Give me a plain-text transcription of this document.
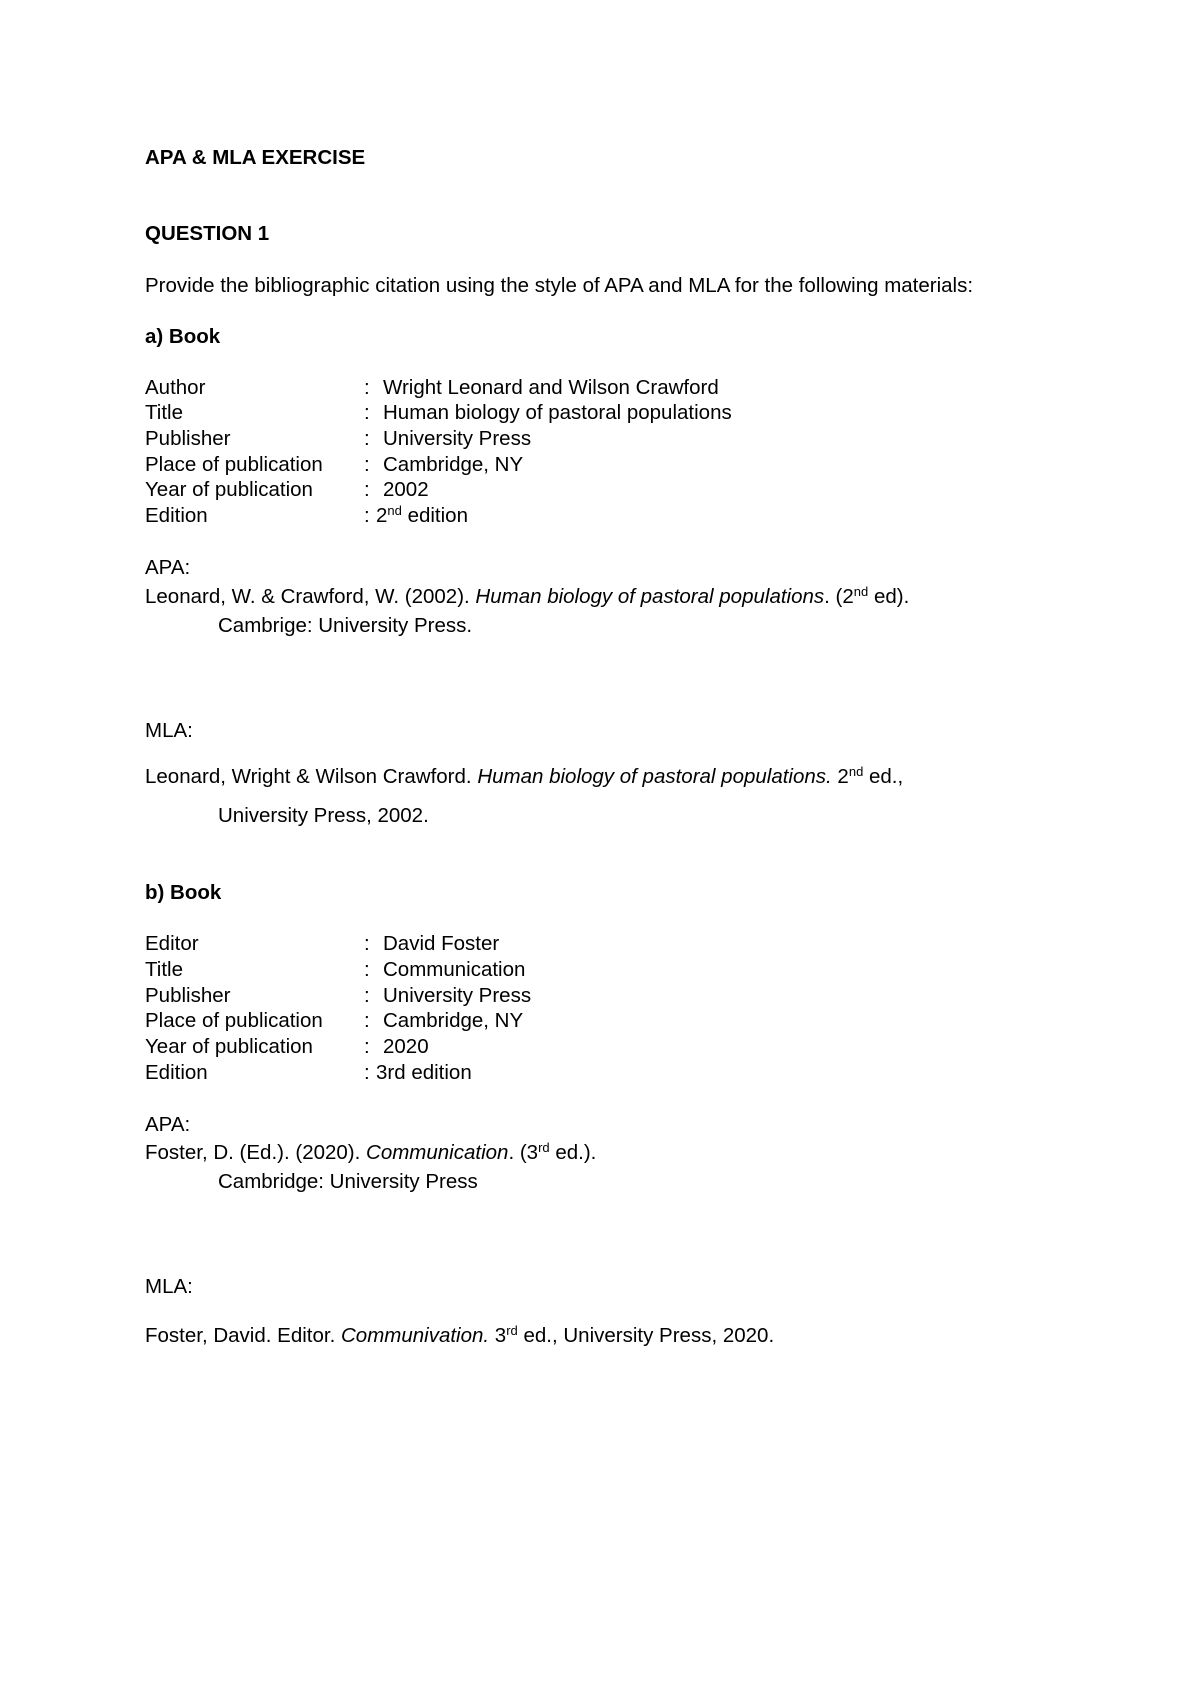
APA & MLA EXERCISE
QUESTION 1
Provide the bibliographic citation using the style of APA and MLA for the following materials:
a) Book
Author	: Wright Leonard and Wilson Crawford
Title	: Human biology of pastoral populations
Publisher	: University Press
Place of publication : Cambridge, NY
Year of publication : 2002
Edition	: 2nd edition
APA:
Leonard, W. & Crawford, W. (2002). Human biology of pastoral populations. (2nd ed).
Cambrige: University Press.
MLA:
Leonard, Wright & Wilson Crawford. Human biology of pastoral populations. 2nd ed.,
University Press, 2002.
b) Book
Editor	: David Foster
Title	: Communication
Publisher	: University Press
Place of publication : Cambridge, NY
Year of publication : 2020
Edition	: 3rd edition
APA:
Foster, D. (Ed.). (2020). Communication. (3rd ed.).
Cambridge: University Press
MLA:
Foster, David. Editor. Communivation. 3rd ed., University Press, 2020.
